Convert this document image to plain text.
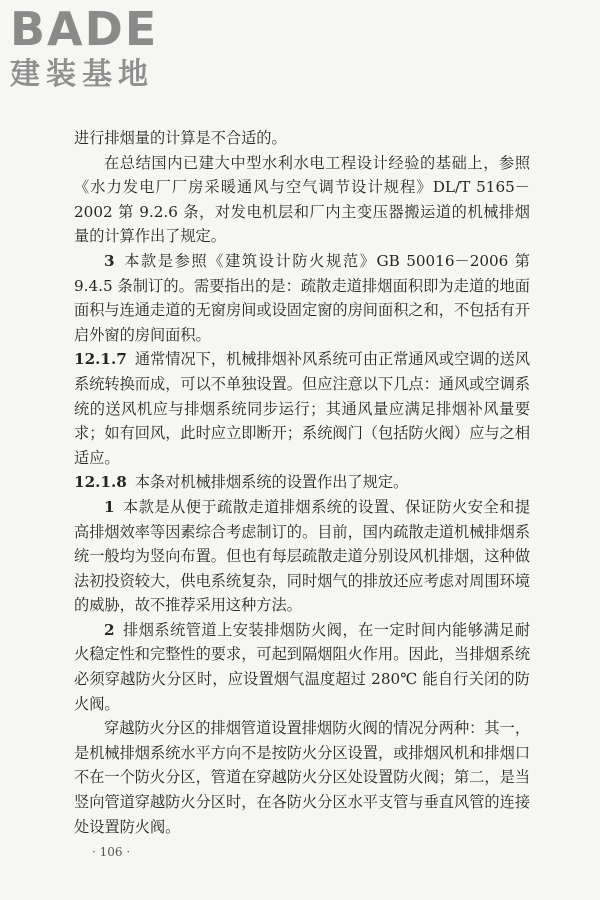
BADE
建装基地

进行排烟量的计算是不合适的。

在总结国内已建大中型水利水电工程设计经验的基础上，参照《水力发电厂厂房采暖通风与空气调节设计规程》DL/T 5165－2002 第 9.2.6 条，对发电机层和厂内主变压器搬运道的机械排烟量的计算作出了规定。

3 本款是参照《建筑设计防火规范》GB 50016－2006 第 9.4.5 条制订的。需要指出的是：疏散走道排烟面积即为走道的地面面积与连通走道的无窗房间或设固定窗的房间面积之和，不包括有开启外窗的房间面积。

12.1.7 通常情况下，机械排烟补风系统可由正常通风或空调的送风系统转换而成，可以不单独设置。但应注意以下几点：通风或空调系统的送风机应与排烟系统同步运行；其通风量应满足排烟补风量要求；如有回风，此时应立即断开；系统阀门（包括防火阀）应与之相适应。

12.1.8 本条对机械排烟系统的设置作出了规定。

1 本款是从便于疏散走道排烟系统的设置、保证防火安全和提高排烟效率等因素综合考虑制订的。目前，国内疏散走道机械排烟系统一般均为竖向布置。但也有每层疏散走道分别设风机排烟，这种做法初投资较大，供电系统复杂，同时烟气的排放还应考虑对周围环境的威胁，故不推荐采用这种方法。

2 排烟系统管道上安装排烟防火阀，在一定时间内能够满足耐火稳定性和完整性的要求，可起到隔烟阻火作用。因此，当排烟系统必须穿越防火分区时，应设置烟气温度超过 280℃ 能自行关闭的防火阀。

穿越防火分区的排烟管道设置排烟防火阀的情况分两种：其一，是机械排烟系统水平方向不是按防火分区设置，或排烟风机和排烟口不在一个防火分区，管道在穿越防火分区处设置防火阀；第二，是当竖向管道穿越防火分区时，在各防火分区水平支管与垂直风管的连接处设置防火阀。

· 106 ·
